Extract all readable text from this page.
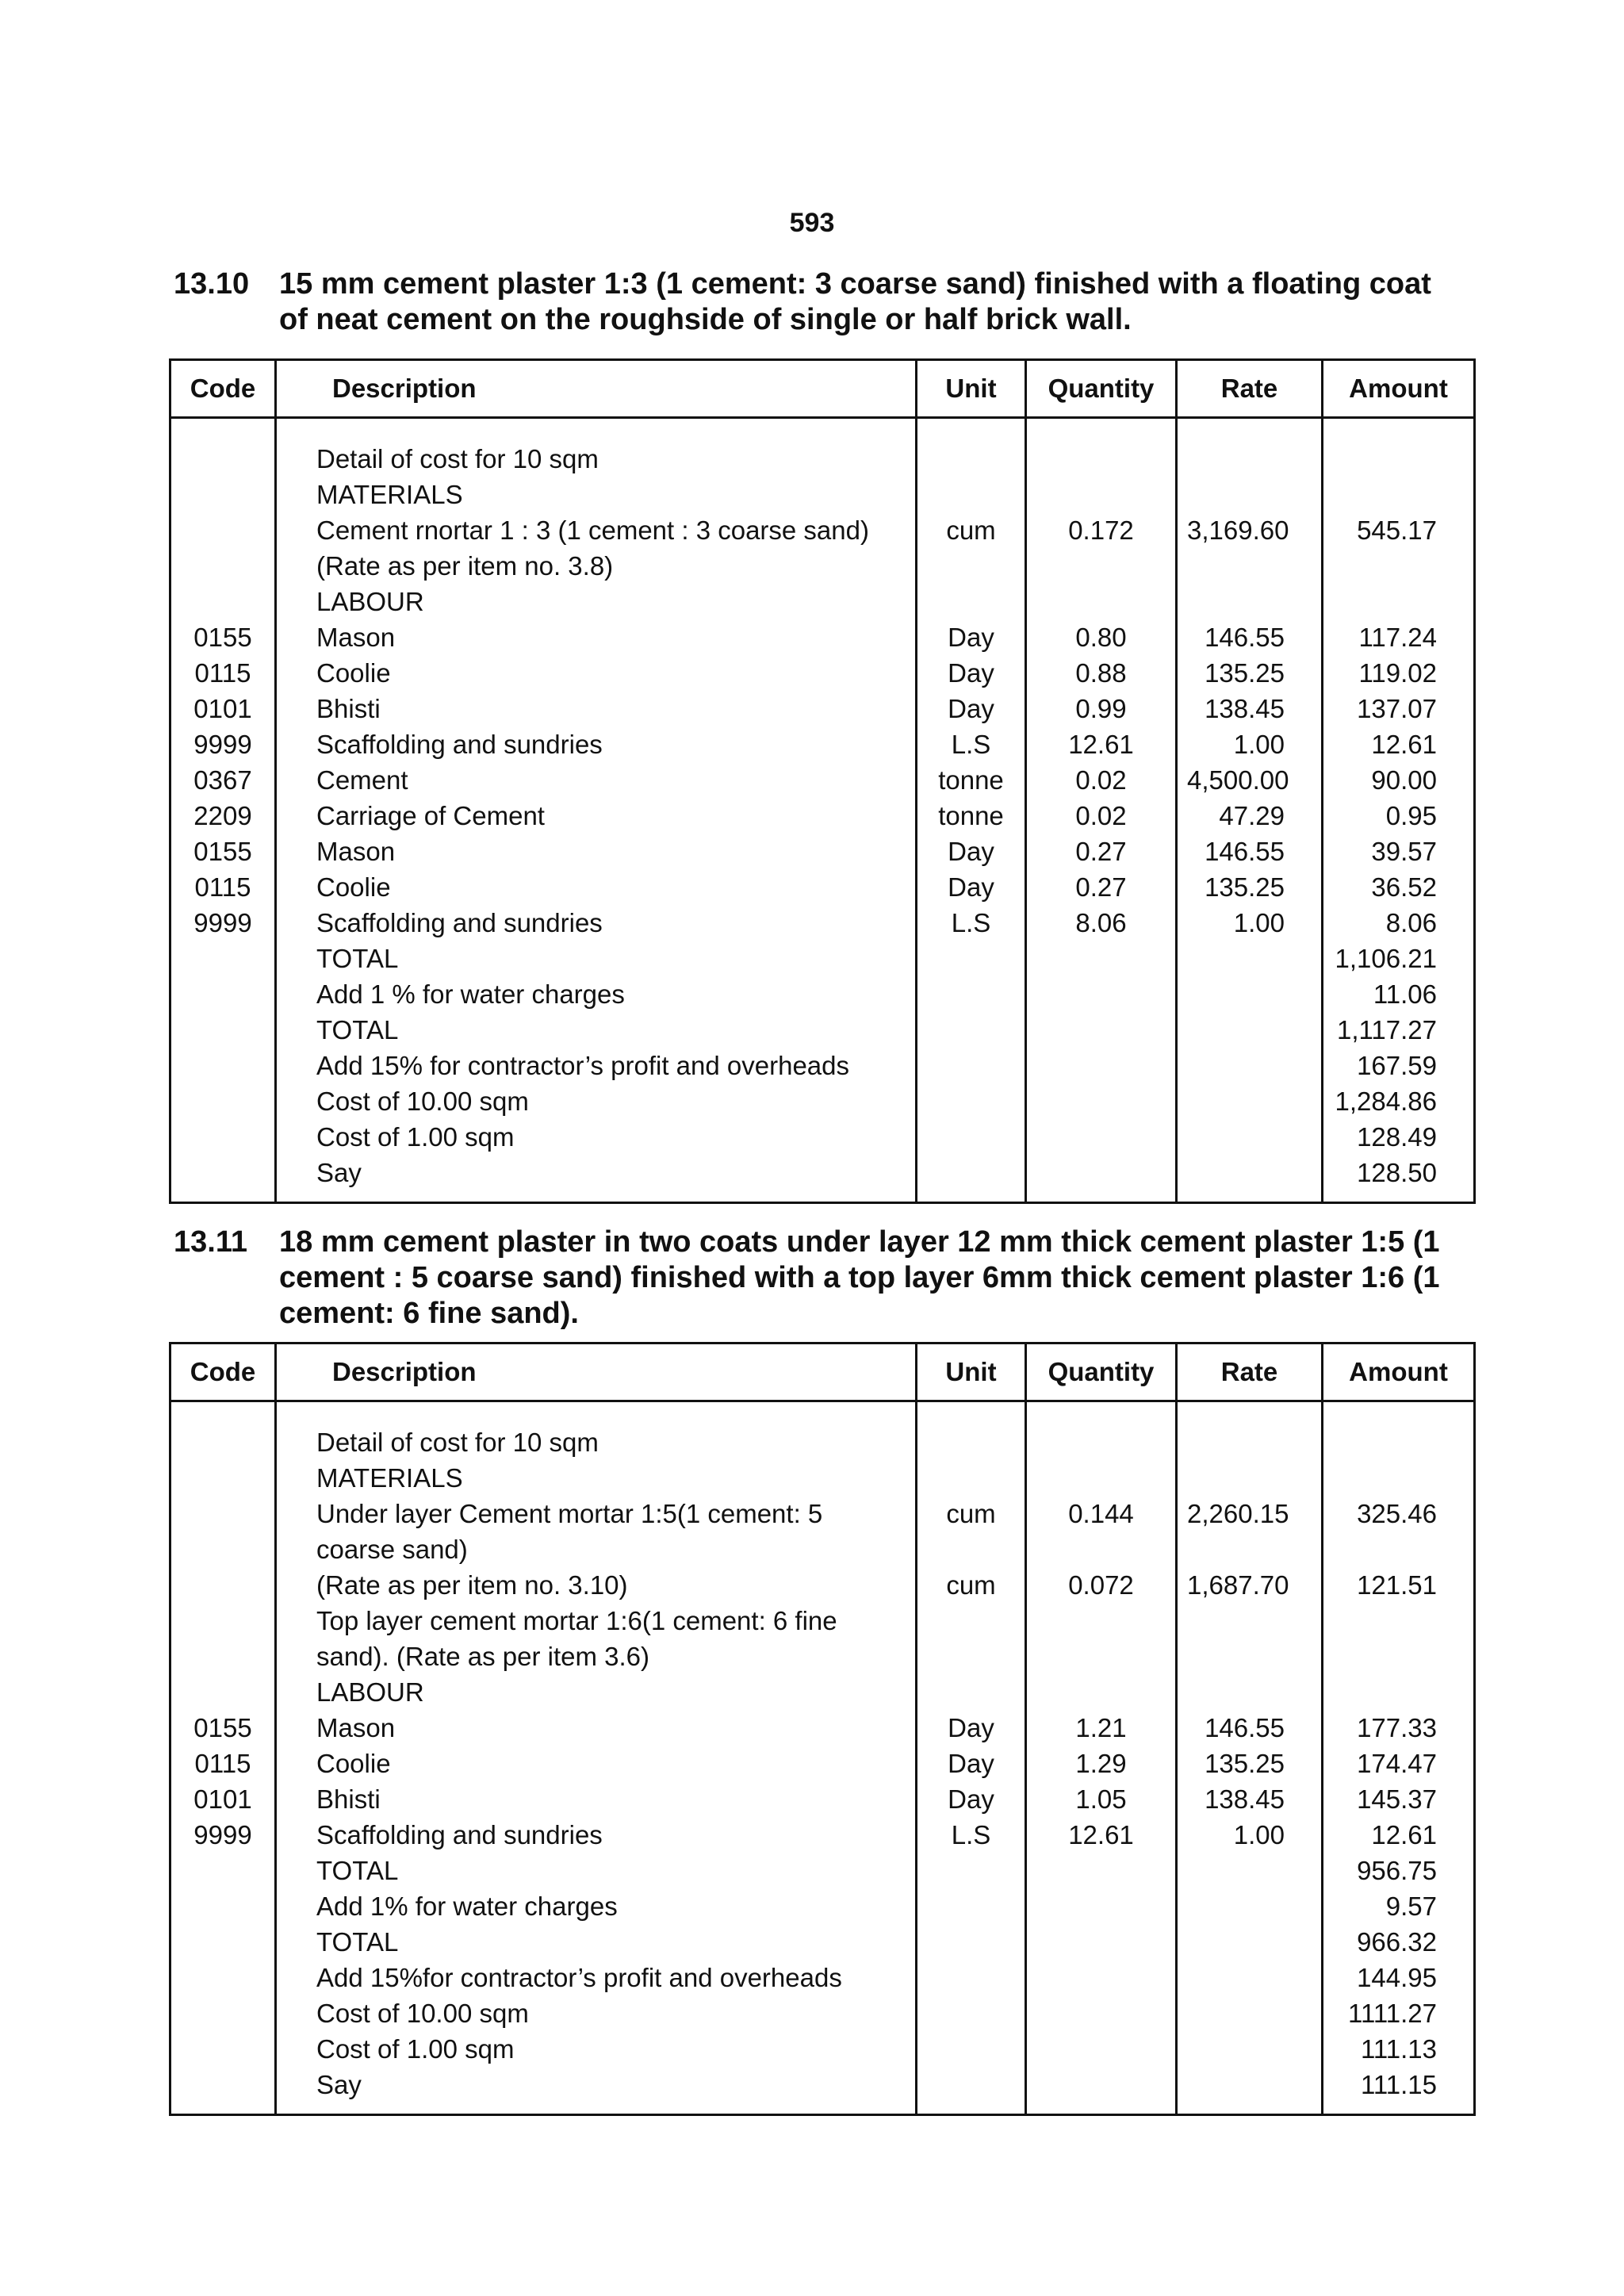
593
13.10 15 mm cement plaster 1:3 (1 cement: 3 coarse sand) finished with a floating coat of neat cement on the roughside of single or half brick wall.
Code	Description	Unit	Quantity	Rate	Amount

	Detail of cost for 10 sqm				
	MATERIALS				
	Cement rnortar 1 : 3 (1 cement : 3 coarse sand)	cum	0.172	3,169.60	545.17
	(Rate as per item no. 3.8)				
	LABOUR				
0155	Mason	Day	0.80	146.55	117.24
0115	Coolie	Day	0.88	135.25	119.02
0101	Bhisti	Day	0.99	138.45	137.07
9999	Scaffolding and sundries	L.S	12.61	1.00	12.61
0367	Cement	tonne	0.02	4,500.00	90.00
2209	Carriage of Cement	tonne	0.02	47.29	0.95
0155	Mason	Day	0.27	146.55	39.57
0115	Coolie	Day	0.27	135.25	36.52
9999	Scaffolding and sundries	L.S	8.06	1.00	8.06
	TOTAL				1,106.21
	Add 1 % for water charges				11.06
	TOTAL				1,117.27
	Add 15% for contractor’s profit and overheads				167.59
	Cost of 10.00 sqm				1,284.86
	Cost of 1.00 sqm				128.49
	Say				128.50

13.11 18 mm cement plaster in two coats under layer 12 mm thick cement plaster 1:5 (1 cement : 5 coarse sand) finished with a top layer 6mm thick cement plaster 1:6 (1 cement: 6 fine sand).
Code	Description	Unit	Quantity	Rate	Amount

	Detail of cost for 10 sqm				
	MATERIALS				
	Under layer Cement mortar 1:5(1 cement: 5	cum	0.144	2,260.15	325.46
	coarse sand)				
	(Rate as per item no. 3.10)	cum	0.072	1,687.70	121.51
	Top layer cement mortar 1:6(1 cement: 6 fine				
	sand). (Rate as per item 3.6)				
	LABOUR				
0155	Mason	Day	1.21	146.55	177.33
0115	Coolie	Day	1.29	135.25	174.47
0101	Bhisti	Day	1.05	138.45	145.37
9999	Scaffolding and sundries	L.S	12.61	1.00	12.61
	TOTAL				956.75
	Add 1% for water charges				9.57
	TOTAL				966.32
	Add 15%for contractor’s profit and overheads				144.95
	Cost of 10.00 sqm				1111.27
	Cost of 1.00 sqm				111.13
	Say				111.15
